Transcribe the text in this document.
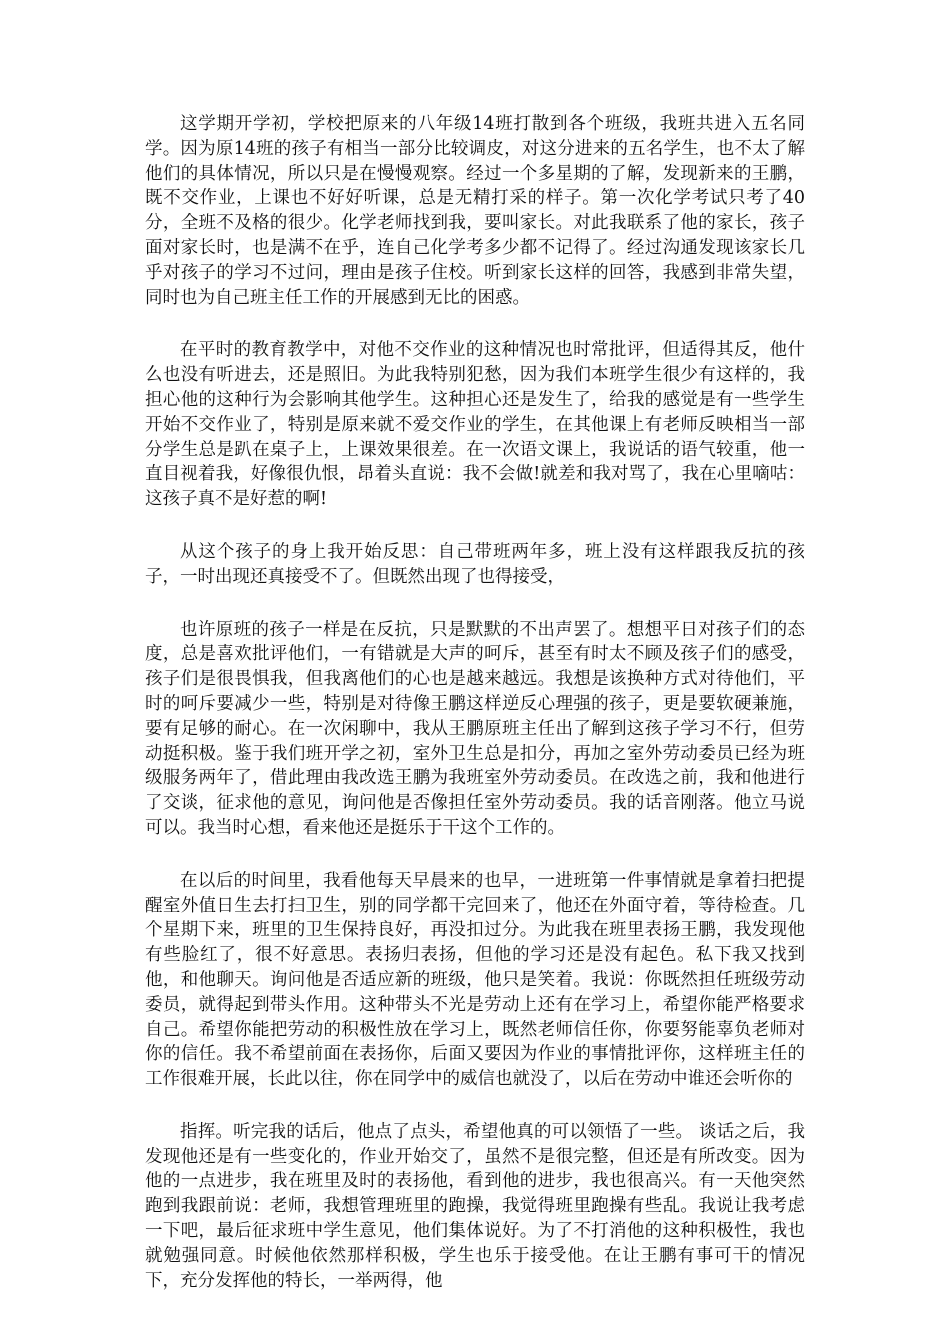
这学期开学初，学校把原来的八年级14班打散到各个班级，我班共进入五名同学。因为原14班的孩子有相当一部分比较调皮，对这分进来的五名学生，也不太了解他们的具体情况，所以只是在慢慢观察。经过一个多星期的了解，发现新来的王鹏，既不交作业，上课也不好好听课，总是无精打采的样子。第一次化学考试只考了40分，全班不及格的很少。化学老师找到我，要叫家长。对此我联系了他的家长，孩子面对家长时，也是满不在乎，连自己化学考多少都不记得了。经过沟通发现该家长几乎对孩子的学习不过问，理由是孩子住校。听到家长这样的回答，我感到非常失望，同时也为自己班主任工作的开展感到无比的困惑。

在平时的教育教学中，对他不交作业的这种情况也时常批评，但适得其反，他什么也没有听进去，还是照旧。为此我特别犯愁，因为我们本班学生很少有这样的，我担心他的这种行为会影响其他学生。这种担心还是发生了，给我的感觉是有一些学生开始不交作业了，特别是原来就不爱交作业的学生，在其他课上有老师反映相当一部分学生总是趴在桌子上，上课效果很差。在一次语文课上，我说话的语气较重，他一直目视着我，好像很仇恨，昂着头直说：我不会做!就差和我对骂了，我在心里嘀咕：这孩子真不是好惹的啊!

从这个孩子的身上我开始反思：自己带班两年多，班上没有这样跟我反抗的孩子，一时出现还真接受不了。但既然出现了也得接受，

也许原班的孩子一样是在反抗，只是默默的不出声罢了。想想平日对孩子们的态度，总是喜欢批评他们，一有错就是大声的呵斥，甚至有时太不顾及孩子们的感受，孩子们是很畏惧我，但我离他们的心也是越来越远。我想是该换种方式对待他们，平时的呵斥要减少一些，特别是对待像王鹏这样逆反心理强的孩子，更是要软硬兼施，要有足够的耐心。在一次闲聊中，我从王鹏原班主任出了解到这孩子学习不行，但劳动挺积极。鉴于我们班开学之初，室外卫生总是扣分，再加之室外劳动委员已经为班级服务两年了，借此理由我改选王鹏为我班室外劳动委员。在改选之前，我和他进行了交谈，征求他的意见，询问他是否像担任室外劳动委员。我的话音刚落。他立马说可以。我当时心想，看来他还是挺乐于干这个工作的。

在以后的时间里，我看他每天早晨来的也早，一进班第一件事情就是拿着扫把提醒室外值日生去打扫卫生，别的同学都干完回来了，他还在外面守着，等待检查。几个星期下来，班里的卫生保持良好，再没扣过分。为此我在班里表扬王鹏，我发现他有些脸红了，很不好意思。表扬归表扬，但他的学习还是没有起色。私下我又找到他，和他聊天。询问他是否适应新的班级，他只是笑着。我说：你既然担任班级劳动委员，就得起到带头作用。这种带头不光是劳动上还有在学习上，希望你能严格要求自己。希望你能把劳动的积极性放在学习上，既然老师信任你，你要努能辜负老师对你的信任。我不希望前面在表扬你，后面又要因为作业的事情批评你，这样班主任的工作很难开展，长此以往，你在同学中的威信也就没了，以后在劳动中谁还会听你的

指挥。听完我的话后，他点了点头，希望他真的可以领悟了一些。 谈话之后，我发现他还是有一些变化的，作业开始交了，虽然不是很完整，但还是有所改变。因为他的一点进步，我在班里及时的表扬他，看到他的进步，我也很高兴。有一天他突然跑到我跟前说：老师，我想管理班里的跑操，我觉得班里跑操有些乱。我说让我考虑一下吧，最后征求班中学生意见，他们集体说好。为了不打消他的这种积极性，我也就勉强同意。时候他依然那样积极，学生也乐于接受他。在让王鹏有事可干的情况下，充分发挥他的特长，一举两得，他
